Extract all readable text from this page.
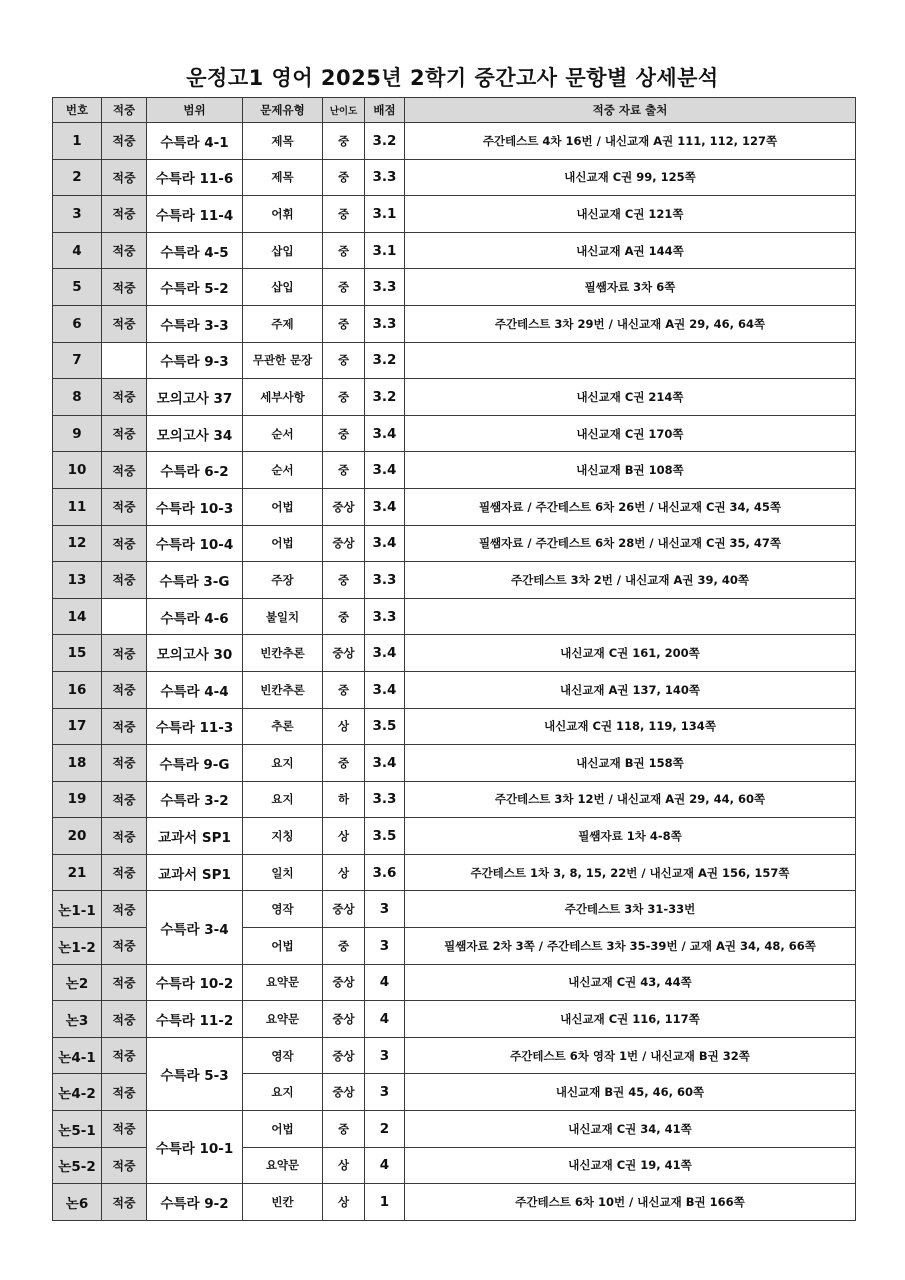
운정고1 영어 2025년 2학기 중간고사 문항별 상세분석
번호	적중	범위	문제유형	난이도	배점	적중 자료 출처
1	적중	수특라 4-1	제목	중	3.2	주간테스트 4차 16번 / 내신교재 A권 111, 112, 127쪽
2	적중	수특라 11-6	제목	중	3.3	내신교재 C권 99, 125쪽
3	적중	수특라 11-4	어휘	중	3.1	내신교재 C권 121쪽
4	적중	수특라 4-5	삽입	중	3.1	내신교재 A권 144쪽
5	적중	수특라 5-2	삽입	중	3.3	필쌤자료 3차 6쪽
6	적중	수특라 3-3	주제	중	3.3	주간테스트 3차 29번 / 내신교재 A권 29, 46, 64쪽
7		수특라 9-3	무관한 문장	중	3.2	
8	적중	모의고사 37	세부사항	중	3.2	내신교재 C권 214쪽
9	적중	모의고사 34	순서	중	3.4	내신교재 C권 170쪽
10	적중	수특라 6-2	순서	중	3.4	내신교재 B권 108쪽
11	적중	수특라 10-3	어법	중상	3.4	필쌤자료 / 주간테스트 6차 26번 / 내신교재 C권 34, 45쪽
12	적중	수특라 10-4	어법	중상	3.4	필쌤자료 / 주간테스트 6차 28번 / 내신교재 C권 35, 47쪽
13	적중	수특라 3-G	주장	중	3.3	주간테스트 3차 2번 / 내신교재 A권 39, 40쪽
14		수특라 4-6	불일치	중	3.3	
15	적중	모의고사 30	빈칸추론	중상	3.4	내신교재 C권 161, 200쪽
16	적중	수특라 4-4	빈칸추론	중	3.4	내신교재 A권 137, 140쪽
17	적중	수특라 11-3	추론	상	3.5	내신교재 C권 118, 119, 134쪽
18	적중	수특라 9-G	요지	중	3.4	내신교재 B권 158쪽
19	적중	수특라 3-2	요지	하	3.3	주간테스트 3차 12번 / 내신교재 A권 29, 44, 60쪽
20	적중	교과서 SP1	지칭	상	3.5	필쌤자료 1차 4-8쪽
21	적중	교과서 SP1	일치	상	3.6	주간테스트 1차 3, 8, 15, 22번 / 내신교재 A권 156, 157쪽
논1-1	적중	수특라 3-4	영작	중상	3	주간테스트 3차 31-33번
논1-2	적중		어법	중	3	필쌤자료 2차 3쪽 / 주간테스트 3차 35-39번 / 교재 A권 34, 48, 66쪽
논2	적중	수특라 10-2	요약문	중상	4	내신교재 C권 43, 44쪽
논3	적중	수특라 11-2	요약문	중상	4	내신교재 C권 116, 117쪽
논4-1	적중	수특라 5-3	영작	중상	3	주간테스트 6차 영작 1번 / 내신교재 B권 32쪽
논4-2	적중		요지	중상	3	내신교재 B권 45, 46, 60쪽
논5-1	적중	수특라 10-1	어법	중	2	내신교재 C권 34, 41쪽
논5-2	적중		요약문	상	4	내신교재 C권 19, 41쪽
논6	적중	수특라 9-2	빈칸	상	1	주간테스트 6차 10번 / 내신교재 B권 166쪽
